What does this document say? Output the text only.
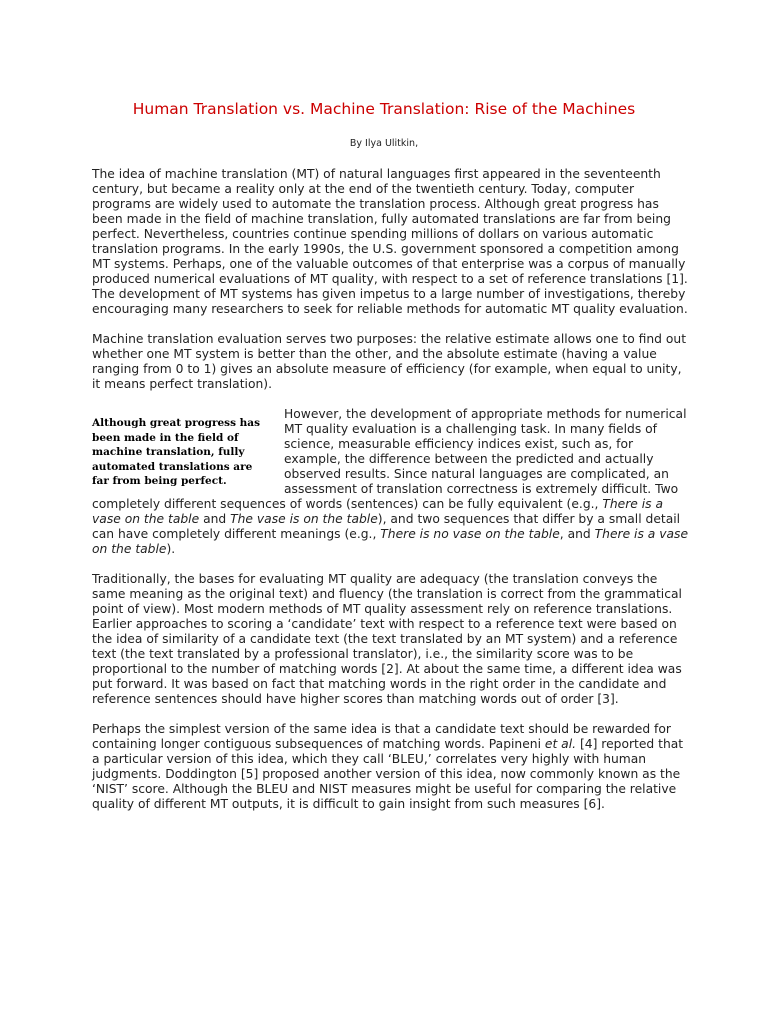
Human Translation vs. Machine Translation: Rise of the Machines
By Ilya Ulitkin,

The idea of machine translation (MT) of natural languages first appeared in the seventeenth century, but became a reality only at the end of the twentieth century. Today, computer programs are widely used to automate the translation process. Although great progress has been made in the field of machine translation, fully automated translations are far from being perfect. Nevertheless, countries continue spending millions of dollars on various automatic translation programs. In the early 1990s, the U.S. government sponsored a competition among MT systems. Perhaps, one of the valuable outcomes of that enterprise was a corpus of manually produced numerical evaluations of MT quality, with respect to a set of reference translations [1]. The development of MT systems has given impetus to a large number of investigations, thereby encouraging many researchers to seek for reliable methods for automatic MT quality evaluation.

Machine translation evaluation serves two purposes: the relative estimate allows one to find out whether one MT system is better than the other, and the absolute estimate (having a value ranging from 0 to 1) gives an absolute measure of efficiency (for example, when equal to unity, it means perfect translation).

Although great progress has been made in the field of machine translation, fully automated translations are far from being perfect.

However, the development of appropriate methods for numerical MT quality evaluation is a challenging task. In many fields of science, measurable efficiency indices exist, such as, for example, the difference between the predicted and actually observed results. Since natural languages are complicated, an assessment of translation correctness is extremely difficult. Two completely different sequences of words (sentences) can be fully equivalent (e.g., There is a vase on the table and The vase is on the table), and two sequences that differ by a small detail can have completely different meanings (e.g., There is no vase on the table, and There is a vase on the table).

Traditionally, the bases for evaluating MT quality are adequacy (the translation conveys the same meaning as the original text) and fluency (the translation is correct from the grammatical point of view). Most modern methods of MT quality assessment rely on reference translations. Earlier approaches to scoring a ‘candidate’ text with respect to a reference text were based on the idea of similarity of a candidate text (the text translated by an MT system) and a reference text (the text translated by a professional translator), i.e., the similarity score was to be proportional to the number of matching words [2]. At about the same time, a different idea was put forward. It was based on fact that matching words in the right order in the candidate and reference sentences should have higher scores than matching words out of order [3].

Perhaps the simplest version of the same idea is that a candidate text should be rewarded for containing longer contiguous subsequences of matching words. Papineni et al. [4] reported that a particular version of this idea, which they call ‘BLEU,’ correlates very highly with human judgments. Doddington [5] proposed another version of this idea, now commonly known as the ‘NIST’ score. Although the BLEU and NIST measures might be useful for comparing the relative quality of different MT outputs, it is difficult to gain insight from such measures [6].
